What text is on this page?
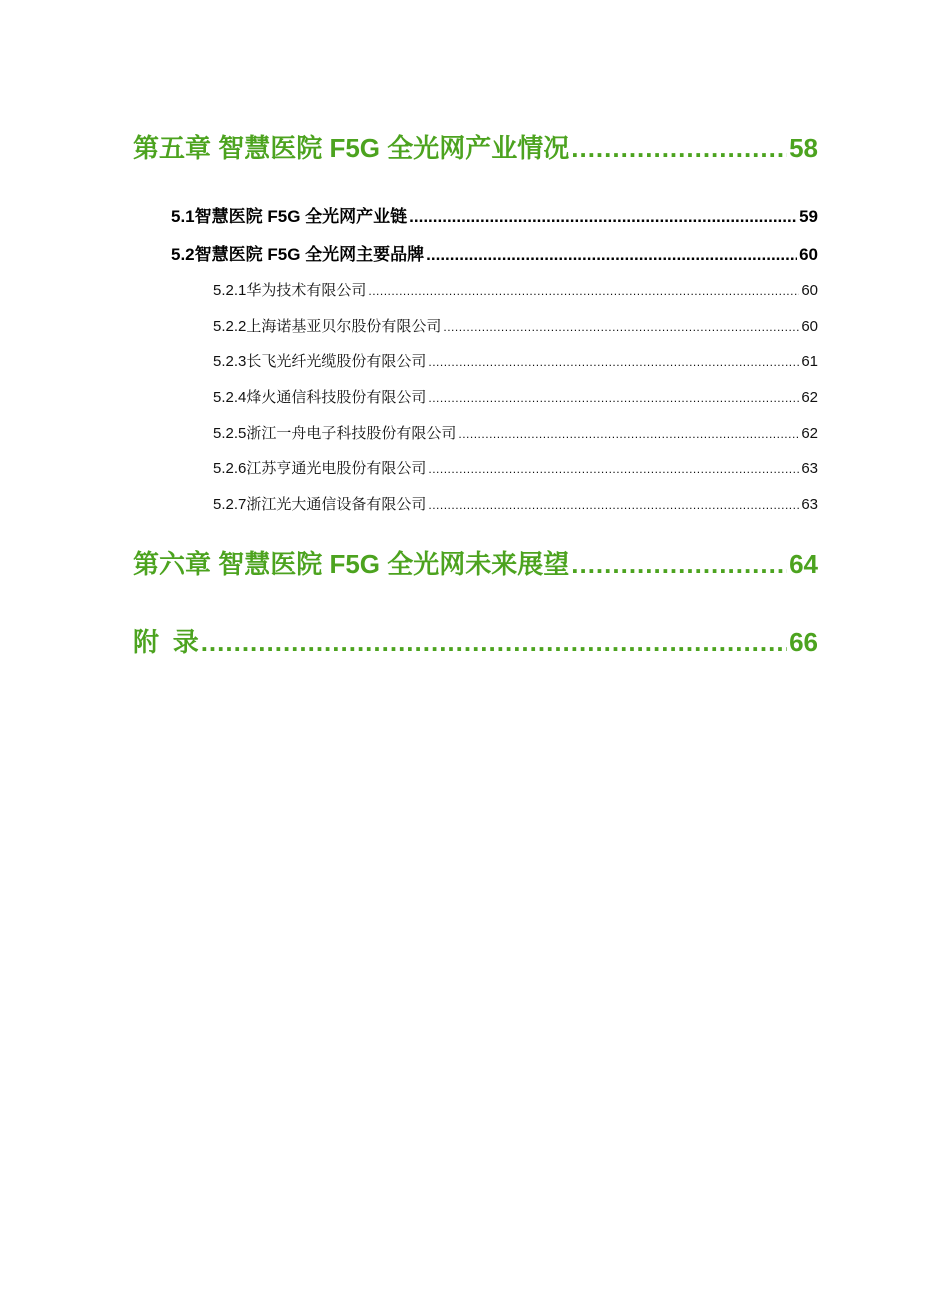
第五章 智慧医院 F5G 全光网产业情况 .....	58
5.1 智慧医院 F5G 全光网产业链 .....	59
5.2 智慧医院 F5G 全光网主要品牌 .....	60
5.2.1 华为技术有限公司 .....	60
5.2.2 上海诺基亚贝尔股份有限公司 .....	60
5.2.3 长飞光纤光缆股份有限公司 .....	61
5.2.4 烽火通信科技股份有限公司 .....	62
5.2.5 浙江一舟电子科技股份有限公司 .....	62
5.2.6 江苏亨通光电股份有限公司 .....	63
5.2.7 浙江光大通信设备有限公司 .....	63
第六章 智慧医院 F5G 全光网未来展望 .....	64
附 录 .....	66
